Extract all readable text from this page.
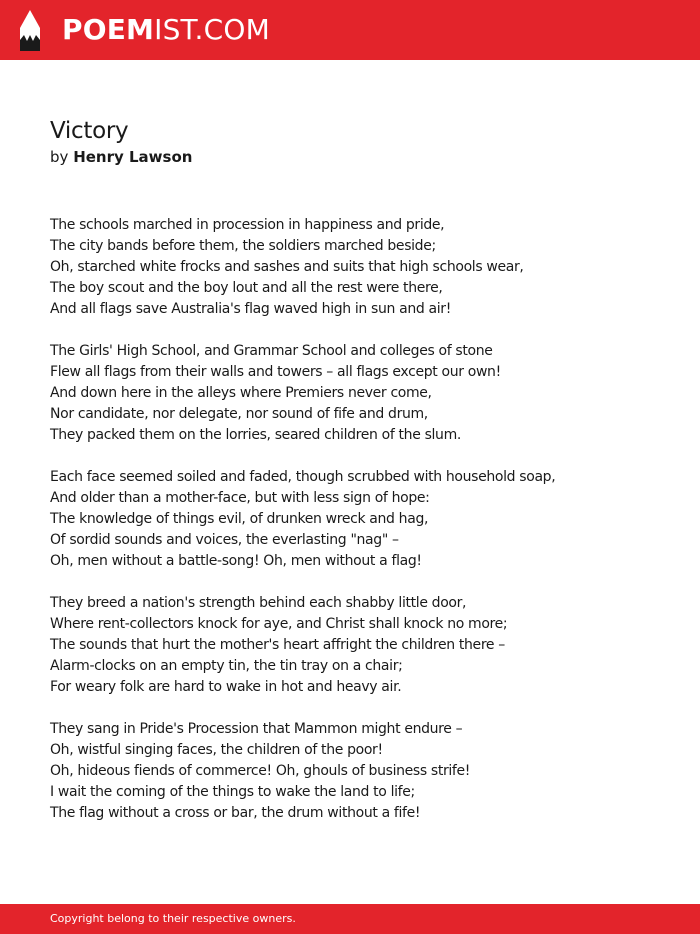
POEMIST.COM
Victory
by Henry Lawson
The schools marched in procession in happiness and pride,
The city bands before them, the soldiers marched beside;
Oh, starched white frocks and sashes and suits that high schools wear,
The boy scout and the boy lout and all the rest were there,
And all flags save Australia's flag waved high in sun and air!
The Girls' High School, and Grammar School and colleges of stone
Flew all flags from their walls and towers – all flags except our own!
And down here in the alleys where Premiers never come,
Nor candidate, nor delegate, nor sound of fife and drum,
They packed them on the lorries, seared children of the slum.
Each face seemed soiled and faded, though scrubbed with household soap,
And older than a mother-face, but with less sign of hope:
The knowledge of things evil, of drunken wreck and hag,
Of sordid sounds and voices, the everlasting "nag" –
Oh, men without a battle-song! Oh, men without a flag!
They breed a nation's strength behind each shabby little door,
Where rent-collectors knock for aye, and Christ shall knock no more;
The sounds that hurt the mother's heart affright the children there –
Alarm-clocks on an empty tin, the tin tray on a chair;
For weary folk are hard to wake in hot and heavy air.
They sang in Pride's Procession that Mammon might endure –
Oh, wistful singing faces, the children of the poor!
Oh, hideous fiends of commerce! Oh, ghouls of business strife!
I wait the coming of the things to wake the land to life;
The flag without a cross or bar, the drum without a fife!
Copyright belong to their respective owners.
